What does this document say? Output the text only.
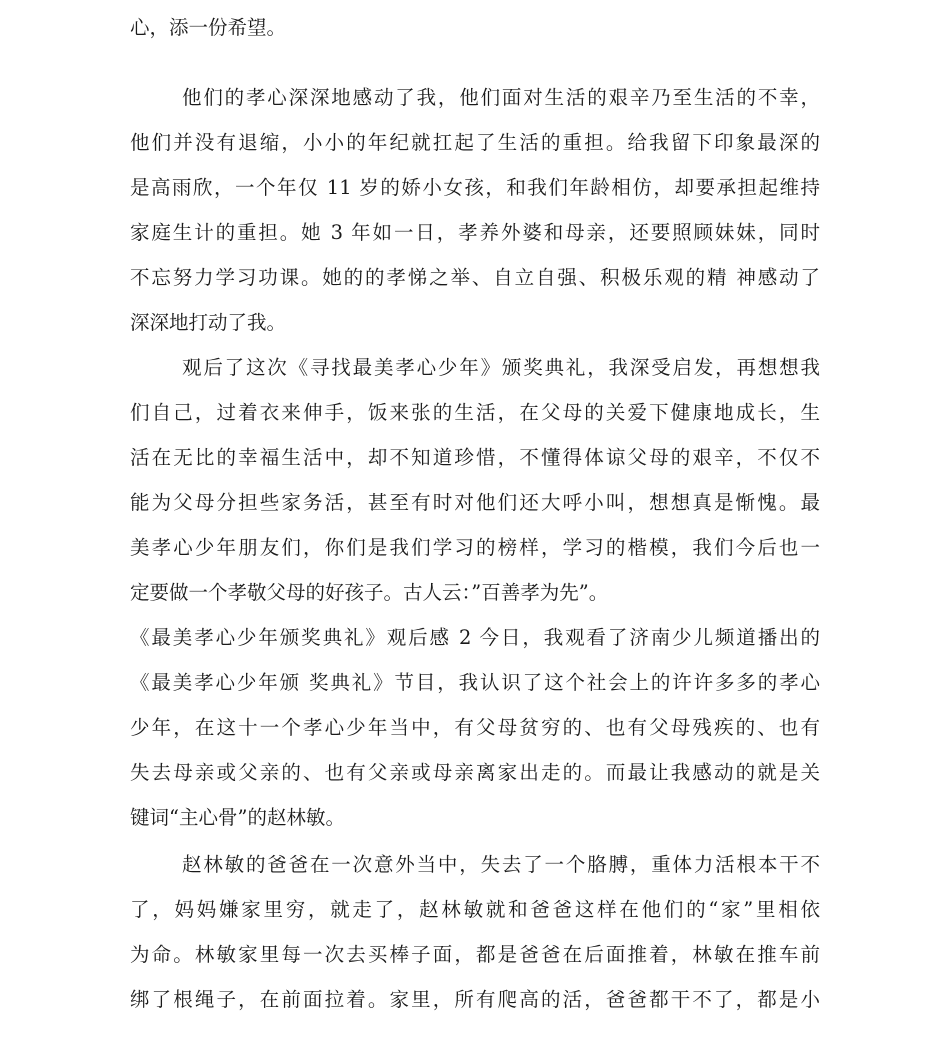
心，添一份希望。
他们的孝心深深地感动了我，他们面对生活的艰辛乃至生活的不幸，
他们并没有退缩，小小的年纪就扛起了生活的重担。给我留下印象最深的
是高雨欣，一个年仅 11 岁的娇小女孩，和我们年龄相仿，却要承担起维持
家庭生计的重担。她 3 年如一日，孝养外婆和母亲，还要照顾妹妹，同时
不忘努力学习功课。她的的孝悌之举、自立自强、积极乐观的精 神感动了
深深地打动了我。
观后了这次《寻找最美孝心少年》颁奖典礼，我深受启发，再想想我
们自己，过着衣来伸手，饭来张的生活，在父母的关爱下健康地成长，生
活在无比的幸福生活中，却不知道珍惜，不懂得体谅父母的艰辛，不仅不
能为父母分担些家务活，甚至有时对他们还大呼小叫，想想真是惭愧。最
美孝心少年朋友们，你们是我们学习的榜样，学习的楷模，我们今后也一
定要做一个孝敬父母的好孩子。古人云：”百善孝为先”。
《最美孝心少年颁奖典礼》观后感 2 今日，我观看了济南少儿频道播出的
《最美孝心少年颁 奖典礼》节目，我认识了这个社会上的许许多多的孝心
少年，在这十一个孝心少年当中，有父母贫穷的、也有父母残疾的、也有
失去母亲或父亲的、也有父亲或母亲离家出走的。而最让我感动的就是关
键词“主心骨”的赵林敏。
赵林敏的爸爸在一次意外当中，失去了一个胳膊，重体力活根本干不
了，妈妈嫌家里穷，就走了，赵林敏就和爸爸这样在他们的“家”里相依
为命。林敏家里每一次去买棒子面，都是爸爸在后面推着，林敏在推车前
绑了根绳子，在前面拉着。家里，所有爬高的活，爸爸都干不了，都是小
